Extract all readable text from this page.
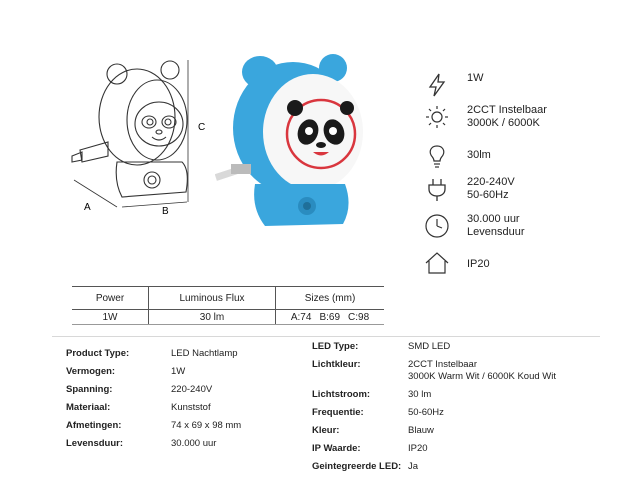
C
A	B
1W
2CCT Instelbaar
3000K / 6000K
30lm
220-240V
50-60Hz
30.000 uur
Levensduur
IP20
Power	Luminous Flux	Sizes (mm)
1W	30 lm	A:74 B:69 C:98
Product Type:	LED Nachtlamp
Vermogen:	1W
Spanning:	220-240V
Materiaal:	Kunststof
Afmetingen:	74 x 69 x 98 mm
Levensduur:	30.000 uur
LED Type:	SMD LED
Lichtkleur:	2CCT Instelbaar
3000K Warm Wit / 6000K Koud Wit
Lichtstroom:	30 lm
Frequentie:	50-60Hz
Kleur:	Blauw
IP Waarde:	IP20
Geintegreerde LED: Ja
